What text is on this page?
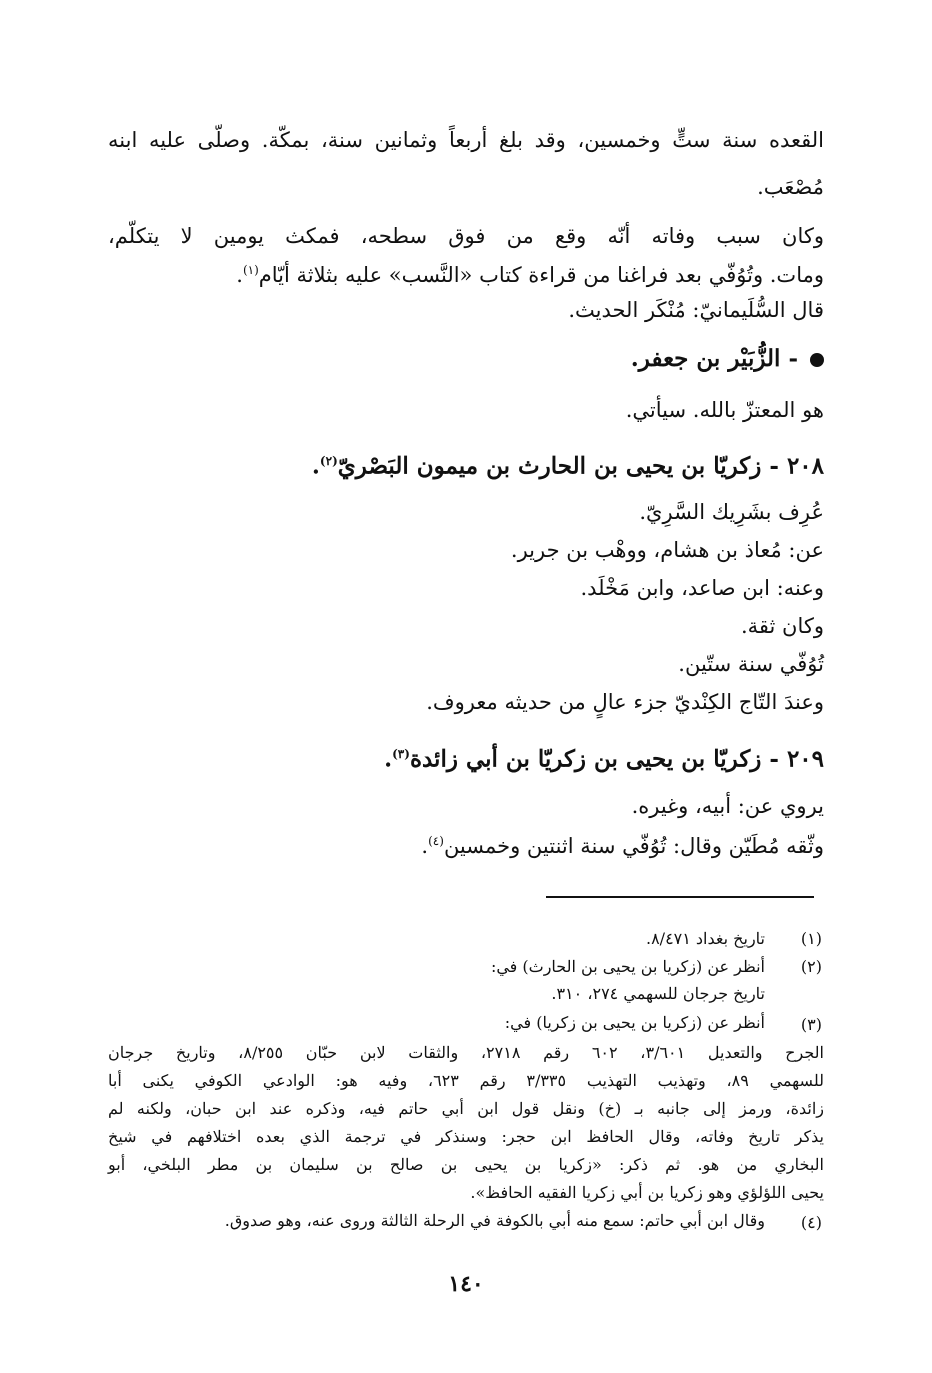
القعده سنة ستٍّ وخمسين، وقد بلغ أربعاً وثمانين سنة، بمكّة. وصلّى عليه ابنه
مُصْعَب.
وكان سبب وفاته أنّه وقع من فوق سطحه، فمكث يومين لا يتكلّم،
ومات. وتُوُفّي بعد فراغنا من قراءة كتاب «النَّسب» عليه بثلاثة أيّام$^{(١)}$.
قال السُّلَيمانيّ: مُنْكَر الحديث.
- الزُّبَيْر بن جعفر.
هو المعتزّ بالله. سيأتي.
٢٠٨ - زكريّا بن يحيى بن الحارث بن ميمون البَصْريّ$^{(٢)}$.
عُرِف بشَرِيك السَّرِيّ.
عن: مُعاذ بن هشام، ووهْب بن جرير.
وعنه: ابن صاعد، وابن مَخْلَد.
وكان ثقة.
تُوُفّي سنة ستّين.
وعندَ التّاج الكِنْديّ جزء عالٍ من حديثه معروف.
٢٠٩ - زكريّا بن يحيى بن زكريّا بن أبي زائدة$^{(٣)}$.
يروي عن: أبيه، وغيره.
وثّقه مُطَيّن وقال: تُوُفّي سنة اثنتين وخمسين$^{(٤)}$.
(١)
تاريخ بغداد ٨/٤٧١.
(٢)
أنظر عن (زكريا بن يحيى بن الحارث) في:
تاريخ جرجان للسهمي ٢٧٤، ٣١٠.
(٣)
أنظر عن (زكريا بن يحيى بن زكريا) في:
الجرح والتعديل ٣/٦٠١، ٦٠٢ رقم ٢٧١٨، والثقات لابن حبّان ٨/٢٥٥، وتاريخ جرجان
للسهمي ٨٩، وتهذيب التهذيب ٣/٣٣٥ رقم ٦٢٣، وفيه هو: الوادعي الكوفي يكنى أبا
زائدة، ورمز إلى جانبه بـ (خ) ونقل قول ابن أبي حاتم فيه، وذكره عند ابن حبان، ولكنه لم
يذكر تاريخ وفاته، وقال الحافظ ابن حجر: وسنذكر في ترجمة الذي بعده اختلافهم في شيخ
البخاري من هو. ثم ذكر: «زكريا بن يحيى بن صالح بن سليمان بن مطر البلخي، أبو
يحيى اللؤلؤي وهو زكريا بن أبي زكريا الفقيه الحافظ».
(٤)
وقال ابن أبي حاتم: سمع منه أبي بالكوفة في الرحلة الثالثة وروى عنه، وهو صدوق.
١٤٠
